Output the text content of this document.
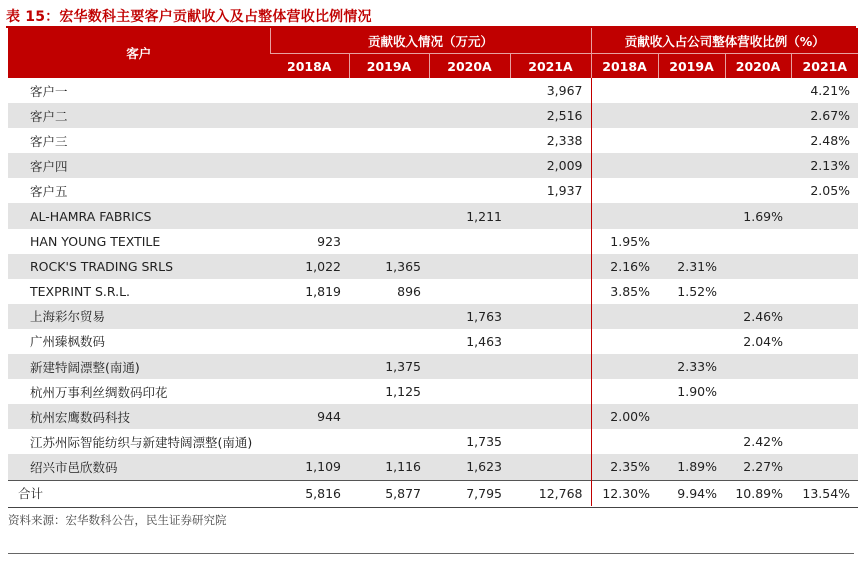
表 15：宏华数科主要客户贡献收入及占整体营收比例情况
客户	贡献收入情况（万元）				贡献收入占公司整体营收比例（%）			
	2018A	2019A	2020A	2021A	2018A	2019A	2020A	2021A
客户一				3,967				4.21%
客户二				2,516				2.67%
客户三				2,338				2.48%
客户四				2,009				2.13%
客户五				1,937				2.05%
AL-HAMRA FABRICS			1,211				1.69%	
HAN YOUNG TEXTILE	923				1.95%			
ROCK'S TRADING SRLS	1,022	1,365			2.16%	2.31%		
TEXPRINT S.R.L.	1,819	896			3.85%	1.52%		
上海彩尔贸易			1,763				2.46%	
广州臻枫数码			1,463				2.04%	
新建特阔漂整(南通)		1,375				2.33%		
杭州万事利丝绸数码印花		1,125				1.90%		
杭州宏鹰数码科技	944				2.00%			
江苏州际智能纺织与新建特阔漂整(南通)			1,735				2.42%	
绍兴市邑欣数码	1,109	1,116	1,623		2.35%	1.89%	2.27%	
合计	5,816	5,877	7,795	12,768	12.30%	9.94%	10.89%	13.54%
资料来源：宏华数科公告，民生证券研究院
